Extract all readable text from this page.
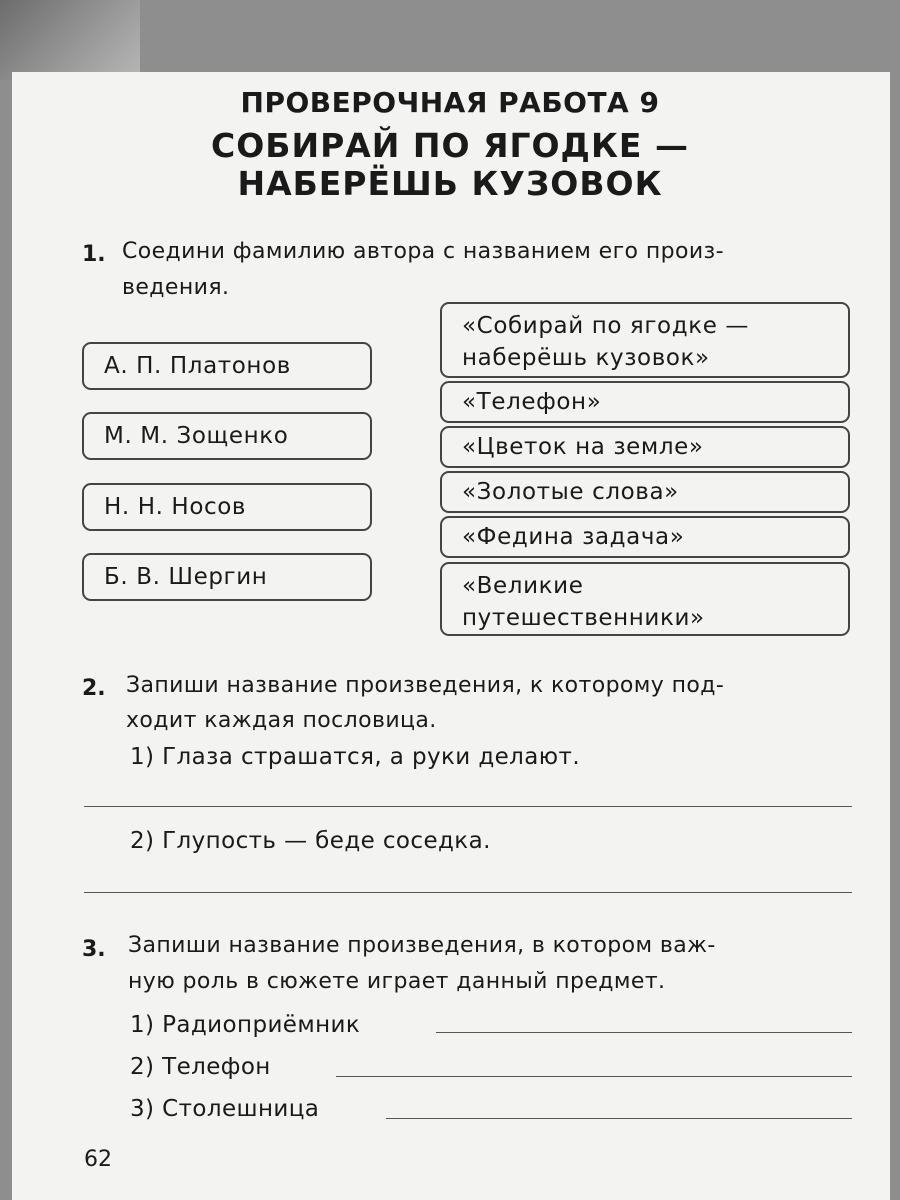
ПРОВЕРОЧНАЯ РАБОТА 9
СОБИРАЙ ПО ЯГОДКЕ —
НАБЕРЁШЬ КУЗОВОК
1. Соедини фамилию автора с названием его произ-
ведения.
А. П. Платонов
М. М. Зощенко
Н. Н. Носов
Б. В. Шергин
«Собирай по ягодке —
наберёшь кузовок»
«Телефон»
«Цветок на земле»
«Золотые слова»
«Федина задача»
«Великие
путешественники»
2. Запиши название произведения, к которому под-
ходит каждая пословица.
1) Глаза страшатся, а руки делают.
2) Глупость — беде соседка.
3. Запиши название произведения, в котором важ-
ную роль в сюжете играет данный предмет.
1) Радиоприёмник
2) Телефон
3) Столешница
62
